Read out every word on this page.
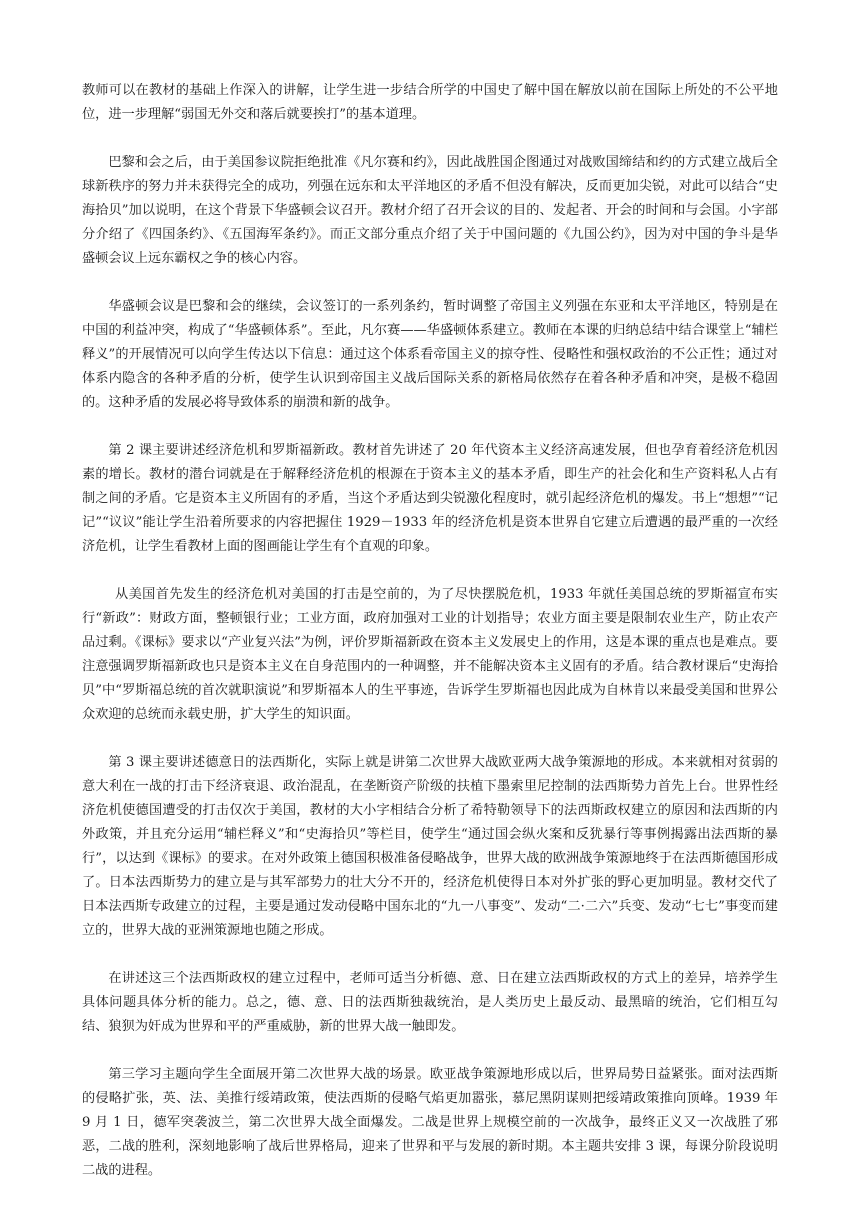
教师可以在教材的基础上作深入的讲解，让学生进一步结合所学的中国史了解中国在解放以前在国际上所处的不公平地位，进一步理解“弱国无外交和落后就要挨打”的基本道理。

巴黎和会之后，由于美国参议院拒绝批准《凡尔赛和约》，因此战胜国企图通过对战败国缔结和约的方式建立战后全球新秩序的努力并未获得完全的成功，列强在远东和太平洋地区的矛盾不但没有解决，反而更加尖锐，对此可以结合“史海拾贝”加以说明，在这个背景下华盛顿会议召开。教材介绍了召开会议的目的、发起者、开会的时间和与会国。小字部分介绍了《四国条约》、《五国海军条约》。而正文部分重点介绍了关于中国问题的《九国公约》，因为对中国的争斗是华盛顿会议上远东霸权之争的核心内容。

华盛顿会议是巴黎和会的继续，会议签订的一系列条约，暂时调整了帝国主义列强在东亚和太平洋地区，特别是在中国的利益冲突，构成了“华盛顿体系”。至此，凡尔赛——华盛顿体系建立。教师在本课的归纳总结中结合课堂上“辅栏释义”的开展情况可以向学生传达以下信息：通过这个体系看帝国主义的掠夺性、侵略性和强权政治的不公正性；通过对体系内隐含的各种矛盾的分析，使学生认识到帝国主义战后国际关系的新格局依然存在着各种矛盾和冲突，是极不稳固的。这种矛盾的发展必将导致体系的崩溃和新的战争。

第 2 课主要讲述经济危机和罗斯福新政。教材首先讲述了 20 年代资本主义经济高速发展，但也孕育着经济危机因素的增长。教材的潜台词就是在于解释经济危机的根源在于资本主义的基本矛盾，即生产的社会化和生产资料私人占有制之间的矛盾。它是资本主义所固有的矛盾，当这个矛盾达到尖锐激化程度时，就引起经济危机的爆发。书上“想想”“记记”“议议”能让学生沿着所要求的内容把握住 1929－1933 年的经济危机是资本世界自它建立后遭遇的最严重的一次经济危机，让学生看教材上面的图画能让学生有个直观的印象。

从美国首先发生的经济危机对美国的打击是空前的，为了尽快摆脱危机，1933 年就任美国总统的罗斯福宣布实行“新政”：财政方面，整顿银行业；工业方面，政府加强对工业的计划指导；农业方面主要是限制农业生产，防止农产品过剩。《课标》要求以“产业复兴法”为例，评价罗斯福新政在资本主义发展史上的作用，这是本课的重点也是难点。要注意强调罗斯福新政也只是资本主义在自身范围内的一种调整，并不能解决资本主义固有的矛盾。结合教材课后“史海拾贝”中“罗斯福总统的首次就职演说”和罗斯福本人的生平事迹，告诉学生罗斯福也因此成为自林肯以来最受美国和世界公众欢迎的总统而永载史册，扩大学生的知识面。

第 3 课主要讲述德意日的法西斯化，实际上就是讲第二次世界大战欧亚两大战争策源地的形成。本来就相对贫弱的意大利在一战的打击下经济衰退、政治混乱，在垄断资产阶级的扶植下墨索里尼控制的法西斯势力首先上台。世界性经济危机使德国遭受的打击仅次于美国，教材的大小字相结合分析了希特勒领导下的法西斯政权建立的原因和法西斯的内外政策，并且充分运用“辅栏释义”和“史海拾贝”等栏目，使学生“通过国会纵火案和反犹暴行等事例揭露出法西斯的暴行”，以达到《课标》的要求。在对外政策上德国积极准备侵略战争，世界大战的欧洲战争策源地终于在法西斯德国形成了。日本法西斯势力的建立是与其军部势力的壮大分不开的，经济危机使得日本对外扩张的野心更加明显。教材交代了日本法西斯专政建立的过程，主要是通过发动侵略中国东北的“九一八事变”、发动“二·二六”兵变、发动“七七”事变而建立的，世界大战的亚洲策源地也随之形成。

在讲述这三个法西斯政权的建立过程中，老师可适当分析德、意、日在建立法西斯政权的方式上的差异，培养学生具体问题具体分析的能力。总之，德、意、日的法西斯独裁统治，是人类历史上最反动、最黑暗的统治，它们相互勾结、狼狈为奸成为世界和平的严重威胁，新的世界大战一触即发。

第三学习主题向学生全面展开第二次世界大战的场景。欧亚战争策源地形成以后，世界局势日益紧张。面对法西斯的侵略扩张，英、法、美推行绥靖政策，使法西斯的侵略气焰更加嚣张，慕尼黑阴谋则把绥靖政策推向顶峰。1939 年 9 月 1 日，德军突袭波兰，第二次世界大战全面爆发。二战是世界上规模空前的一次战争，最终正义又一次战胜了邪恶，二战的胜利，深刻地影响了战后世界格局，迎来了世界和平与发展的新时期。本主题共安排 3 课，每课分阶段说明二战的进程。
